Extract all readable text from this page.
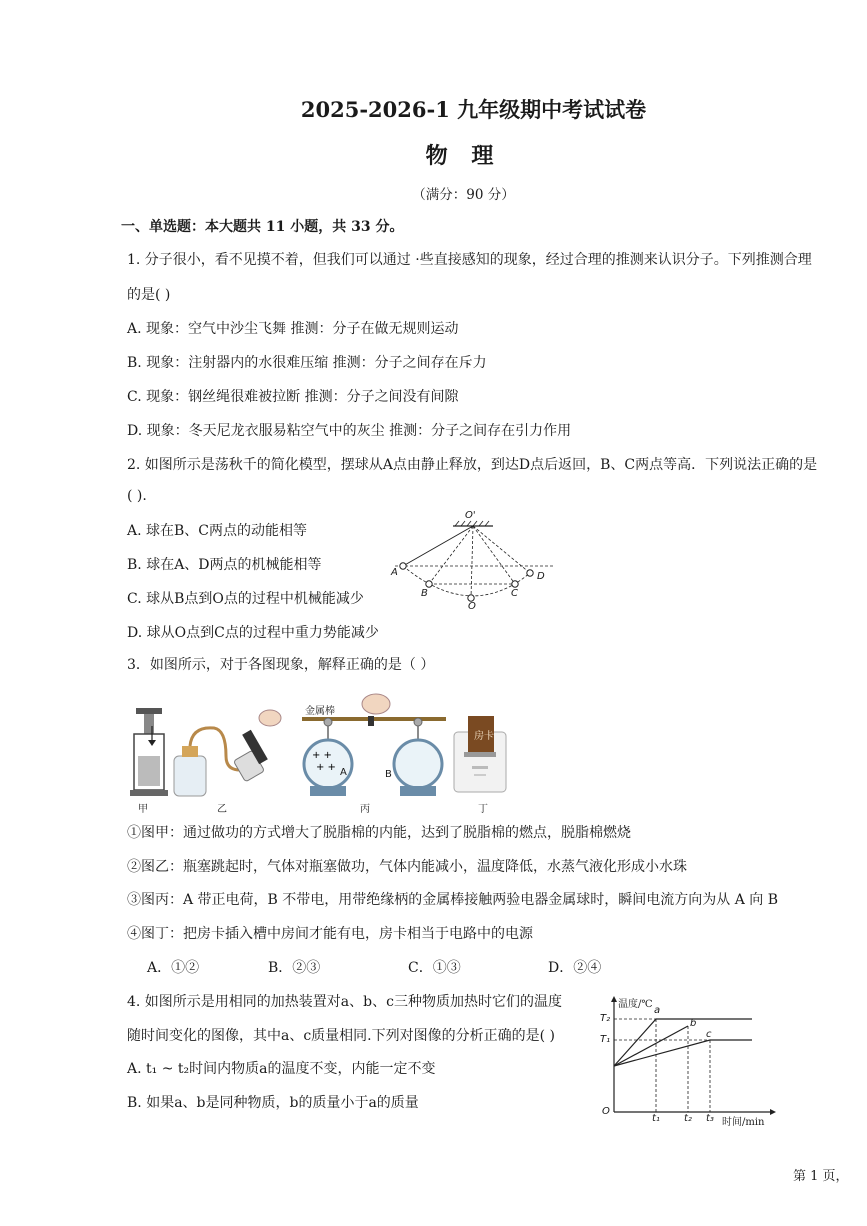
2025-2026-1 九年级期中考试试卷
物 理
（满分：90 分）
一、单选题：本大题共 11 小题，共 33 分。
1. 分子很小，看不见摸不着，但我们可以通过 ·些直接感知的现象，经过合理的推测来认识分子。下列推测合理
的是( )
A. 现象：空气中沙尘飞舞 推测：分子在做无规则运动
B. 现象：注射器内的水很难压缩 推测：分子之间存在斥力
C. 现象：钢丝绳很难被拉断 推测：分子之间没有间隙
D. 现象：冬天尼龙衣服易粘空气中的灰尘 推测：分子之间存在引力作用
2. 如图所示是荡秋千的简化模型，摆球从A点由静止释放，到达D点后返回，B、C两点等高．下列说法正确的是
( ).
A. 球在B、C两点的动能相等
B. 球在A、D两点的机械能相等
C. 球从B点到O点的过程中机械能减少
D. 球从O点到C点的过程中重力势能减少
O'
A
B
O
C
D
3．如图所示，对于各图现象，解释正确的是（ ）
+ +
+ +
金属棒
A	B
房卡
甲	乙	丙	丁
①图甲：通过做功的方式增大了脱脂棉的内能，达到了脱脂棉的燃点，脱脂棉燃烧
②图乙：瓶塞跳起时，气体对瓶塞做功，气体内能减小，温度降低，水蒸气液化形成小水珠
③图丙：A 带正电荷，B 不带电，用带绝缘柄的金属棒接触两验电器金属球时，瞬间电流方向为从 A 向 B
④图丁：把房卡插入槽中房间才能有电，房卡相当于电路中的电源
A．①②	B．②③	C．①③	D．②④
4. 如图所示是用相同的加热装置对a、b、c三种物质加热时它们的温度
随时间变化的图像，其中a、c质量相同.下列对图像的分析正确的是( )
A. t₁ ~ t₂时间内物质a的温度不变，内能一定不变
B. 如果a、b是同种物质，b的质量小于a的质量
温度/℃
时间/min
O
T₂
T₁
t₁ t₂ t₃
a
b
c
第 1 页，
